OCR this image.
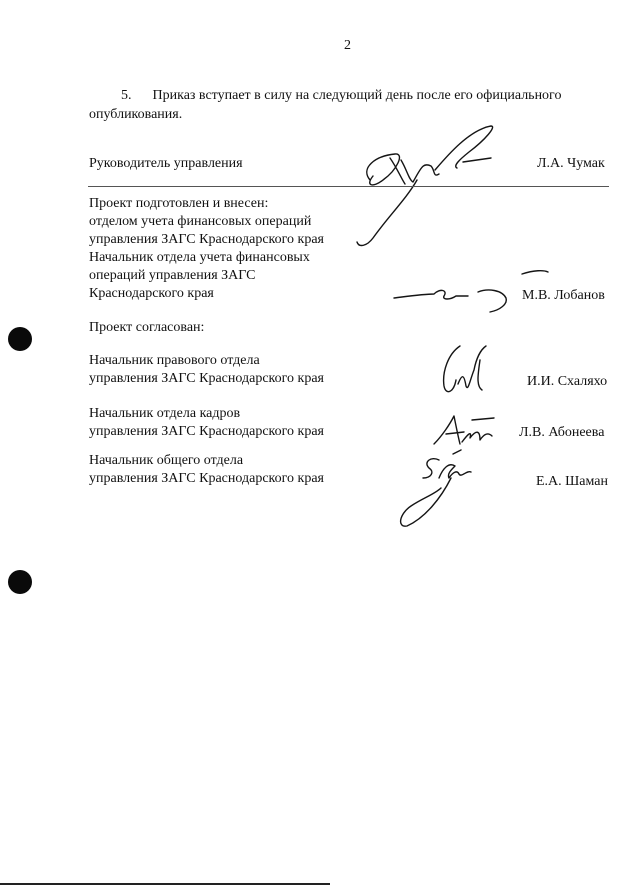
2
5.      Приказ вступает в силу на следующий день после его официального опубликования.
Руководитель управления	Л.А. Чумак
Проект подготовлен и внесен:
отделом учета финансовых операций
управления ЗАГС Краснодарского края
Начальник отдела учета финансовых
операций управления ЗАГС
Краснодарского края	М.В. Лобанов
Проект согласован:
Начальник правового отдела
управления ЗАГС Краснодарского края	И.И. Схаляхо
Начальник отдела кадров
управления ЗАГС Краснодарского края	Л.В. Абонеева
Начальник общего отдела
управления ЗАГС Краснодарского края	Е.А. Шаман
